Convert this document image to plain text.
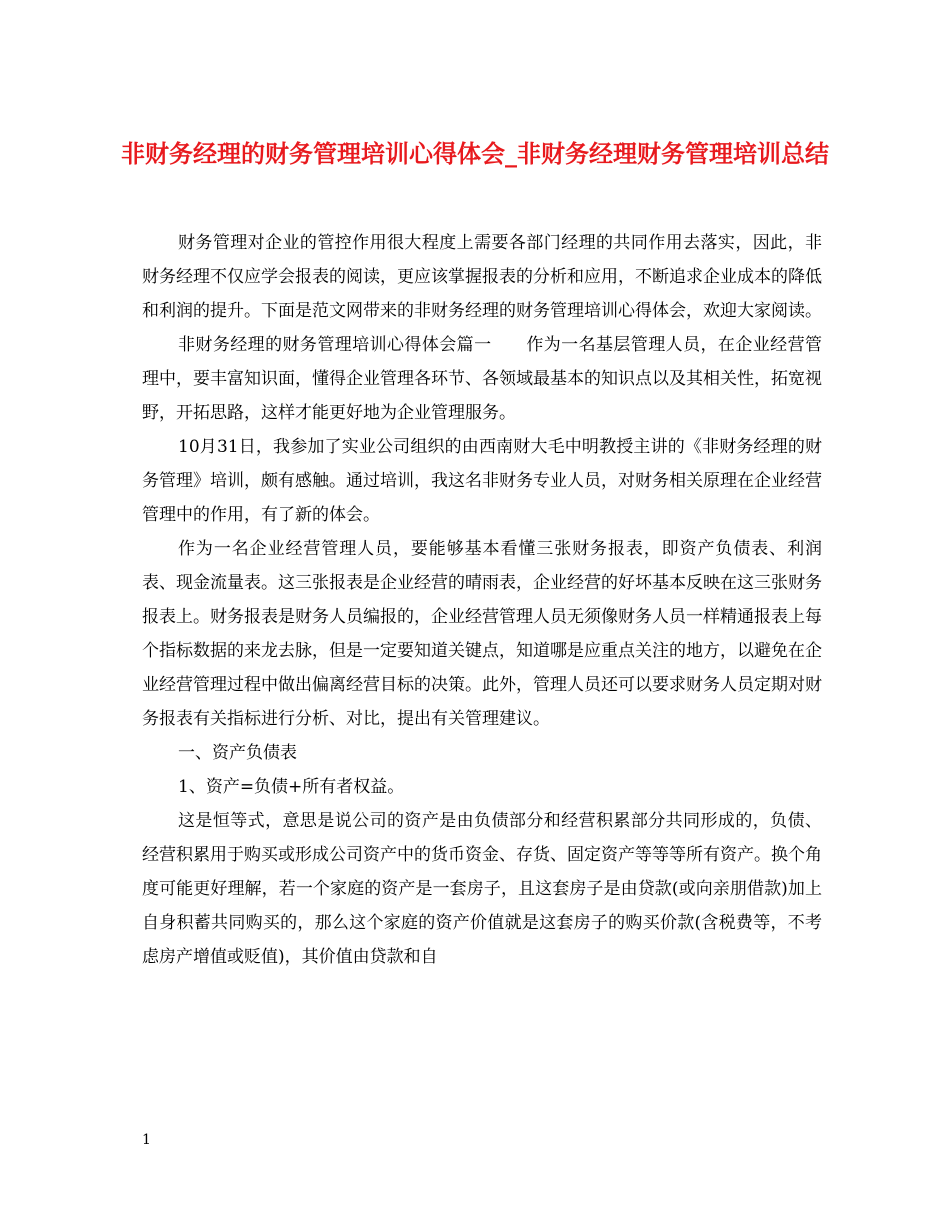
非财务经理的财务管理培训心得体会_非财务经理财务管理培训总结

财务管理对企业的管控作用很大程度上需要各部门经理的共同作用去落实，因此，非财务经理不仅应学会报表的阅读，更应该掌握报表的分析和应用，不断追求企业成本的降低和利润的提升。下面是范文网带来的非财务经理的财务管理培训心得体会，欢迎大家阅读。

非财务经理的财务管理培训心得体会篇一　　作为一名基层管理人员，在企业经营管理中，要丰富知识面，懂得企业管理各环节、各领域最基本的知识点以及其相关性，拓宽视野，开拓思路，这样才能更好地为企业管理服务。

10月31日，我参加了实业公司组织的由西南财大毛中明教授主讲的《非财务经理的财务管理》培训，颇有感触。通过培训，我这名非财务专业人员，对财务相关原理在企业经营管理中的作用，有了新的体会。

作为一名企业经营管理人员，要能够基本看懂三张财务报表，即资产负债表、利润表、现金流量表。这三张报表是企业经营的晴雨表，企业经营的好坏基本反映在这三张财务报表上。财务报表是财务人员编报的，企业经营管理人员无须像财务人员一样精通报表上每个指标数据的来龙去脉，但是一定要知道关键点，知道哪是应重点关注的地方，以避免在企业经营管理过程中做出偏离经营目标的决策。此外，管理人员还可以要求财务人员定期对财务报表有关指标进行分析、对比，提出有关管理建议。

一、资产负债表

1、资产=负债+所有者权益。

这是恒等式，意思是说公司的资产是由负债部分和经营积累部分共同形成的，负债、经营积累用于购买或形成公司资产中的货币资金、存货、固定资产等等等所有资产。换个角度可能更好理解，若一个家庭的资产是一套房子，且这套房子是由贷款(或向亲朋借款)加上自身积蓄共同购买的，那么这个家庭的资产价值就是这套房子的购买价款(含税费等，不考虑房产增值或贬值)，其价值由贷款和自

1
